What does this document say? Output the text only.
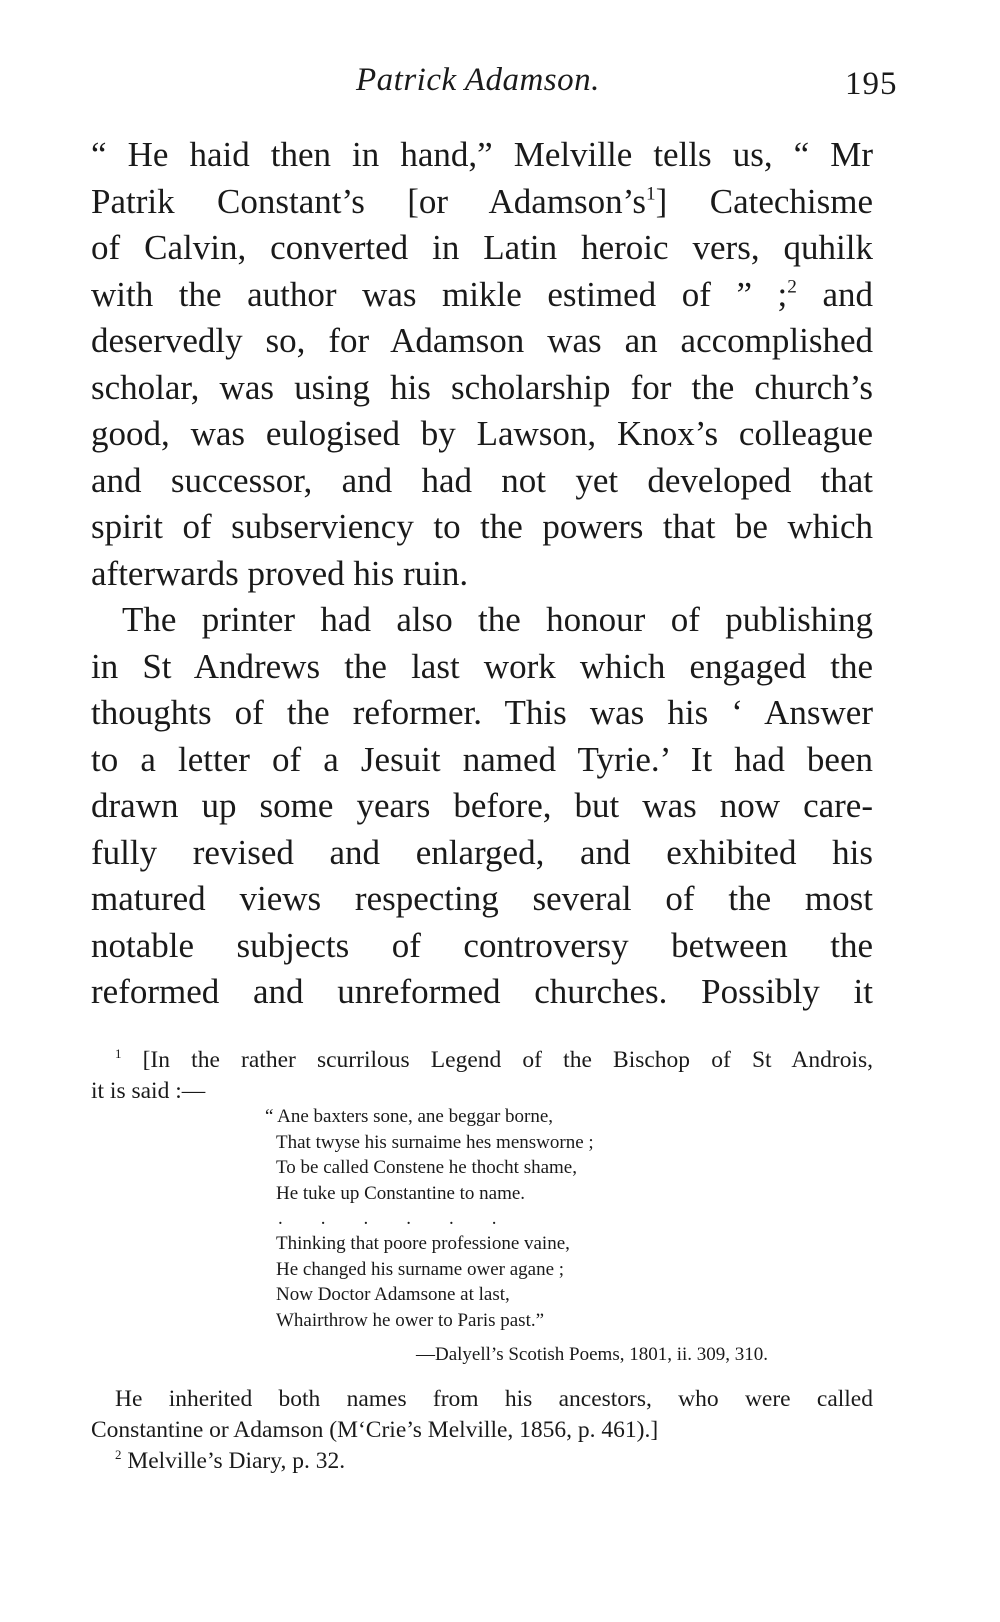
Patrick Adamson.	195
“ He haid then in hand,” Melville tells us, “ Mr
Patrik Constant’s [or $Adamson’s^1$] Catechisme
of Calvin, converted in Latin heroic vers, quhilk
with the author was mikle estimed of ” ;$^2$ and
deservedly so, for Adamson was an accomplished
scholar, was using his scholarship for the church’s
good, was eulogised by Lawson, Knox’s colleague
and successor, and had not yet developed that
spirit of subserviency to the powers that be which
afterwards proved his ruin.
The printer had also the honour of publishing
in St Andrews the last work which engaged the
thoughts of the reformer. This was his ‘ Answer
to a letter of a Jesuit named Tyrie.’ It had been
drawn up some years before, but was now care-
fully revised and enlarged, and exhibited his
matured views respecting several of the most
notable subjects of controversy between the
reformed and unreformed churches. Possibly it
$^1$ [In the rather scurrilous Legend of the Bischop of St Androis,
it is said :—
“ Ane baxters sone, ane beggar borne,
That twyse his surnaime hes mensworne ;
To be called Constene he thocht shame,
He tuke up Constantine to name.
......
Thinking that poore professione vaine,
He changed his surname ower agane ;
Now Doctor Adamsone at last,
Whairthrow he ower to Paris past.”
—Dalyell’s Scotish Poems, 1801, ii. 309, 310.
He inherited both names from his ancestors, who were called
Constantine or Adamson (M‘Crie’s Melville, 1856, p. 461).]
$^2$ Melville’s Diary, p. 32.
